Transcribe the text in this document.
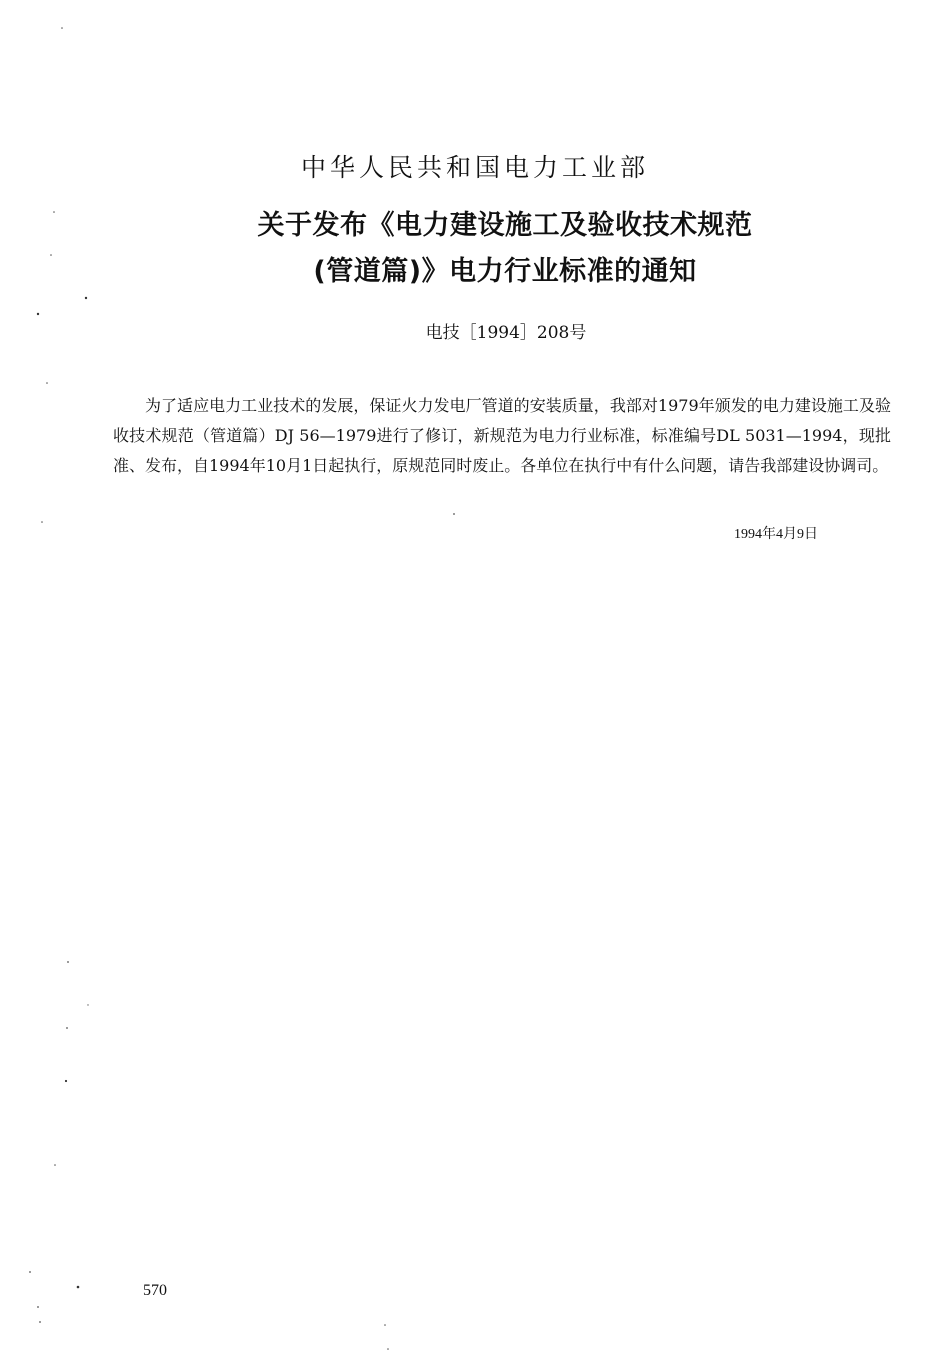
中华人民共和国电力工业部
关于发布《电力建设施工及验收技术规范
(管道篇)》电力行业标准的通知
电技［1994］208号

为了适应电力工业技术的发展，保证火力发电厂管道的安装质量，我部对1979年颁发的电力建设施工及验收技术规范（管道篇）DJ 56—1979进行了修订，新规范为电力行业标准，标准编号DL 5031—1994，现批准、发布，自1994年10月1日起执行，原规范同时废止。各单位在执行中有什么问题，请告我部建设协调司。

1994年4月9日
570
